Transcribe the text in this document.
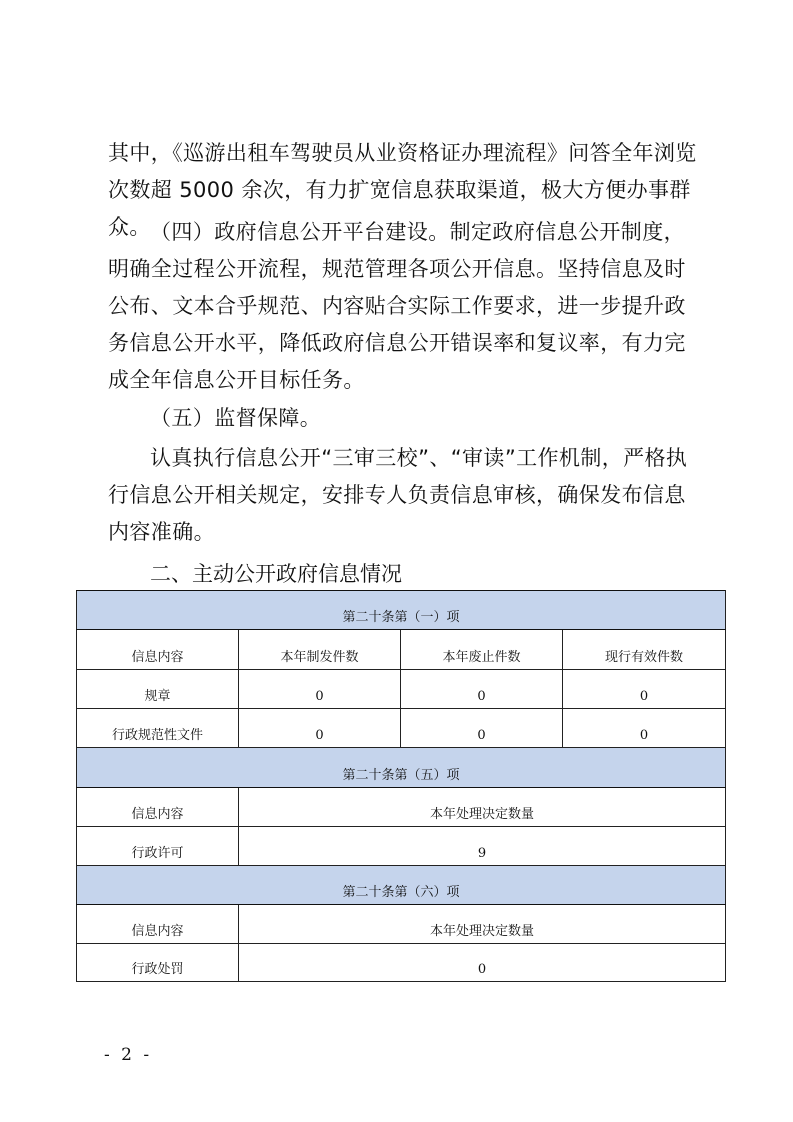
其中，《巡游出租车驾驶员从业资格证办理流程》问答全年浏览次数超 5000 余次，有力扩宽信息获取渠道，极大方便办事群众。 （四）政府信息公开平台建设。制定政府信息公开制度，明确全过程公开流程，规范管理各项公开信息。坚持信息及时公布、文本合乎规范、内容贴合实际工作要求，进一步提升政务信息公开水平，降低政府信息公开错误率和复议率，有力完成全年信息公开目标任务。
（五）监督保障。
认真执行信息公开“三审三校”、“审读”工作机制，严格执行信息公开相关规定，安排专人负责信息审核，确保发布信息内容准确。
二、主动公开政府信息情况
第二十条第（一）项			
信息内容	本年制发件数	本年废止件数	现行有效件数
规章	0	0	0
行政规范性文件	0	0	0
第二十条第（五）项			
信息内容	本年处理决定数量		
行政许可	9		
第二十条第（六）项			
信息内容	本年处理决定数量		
行政处罚	0		
- 2 -
